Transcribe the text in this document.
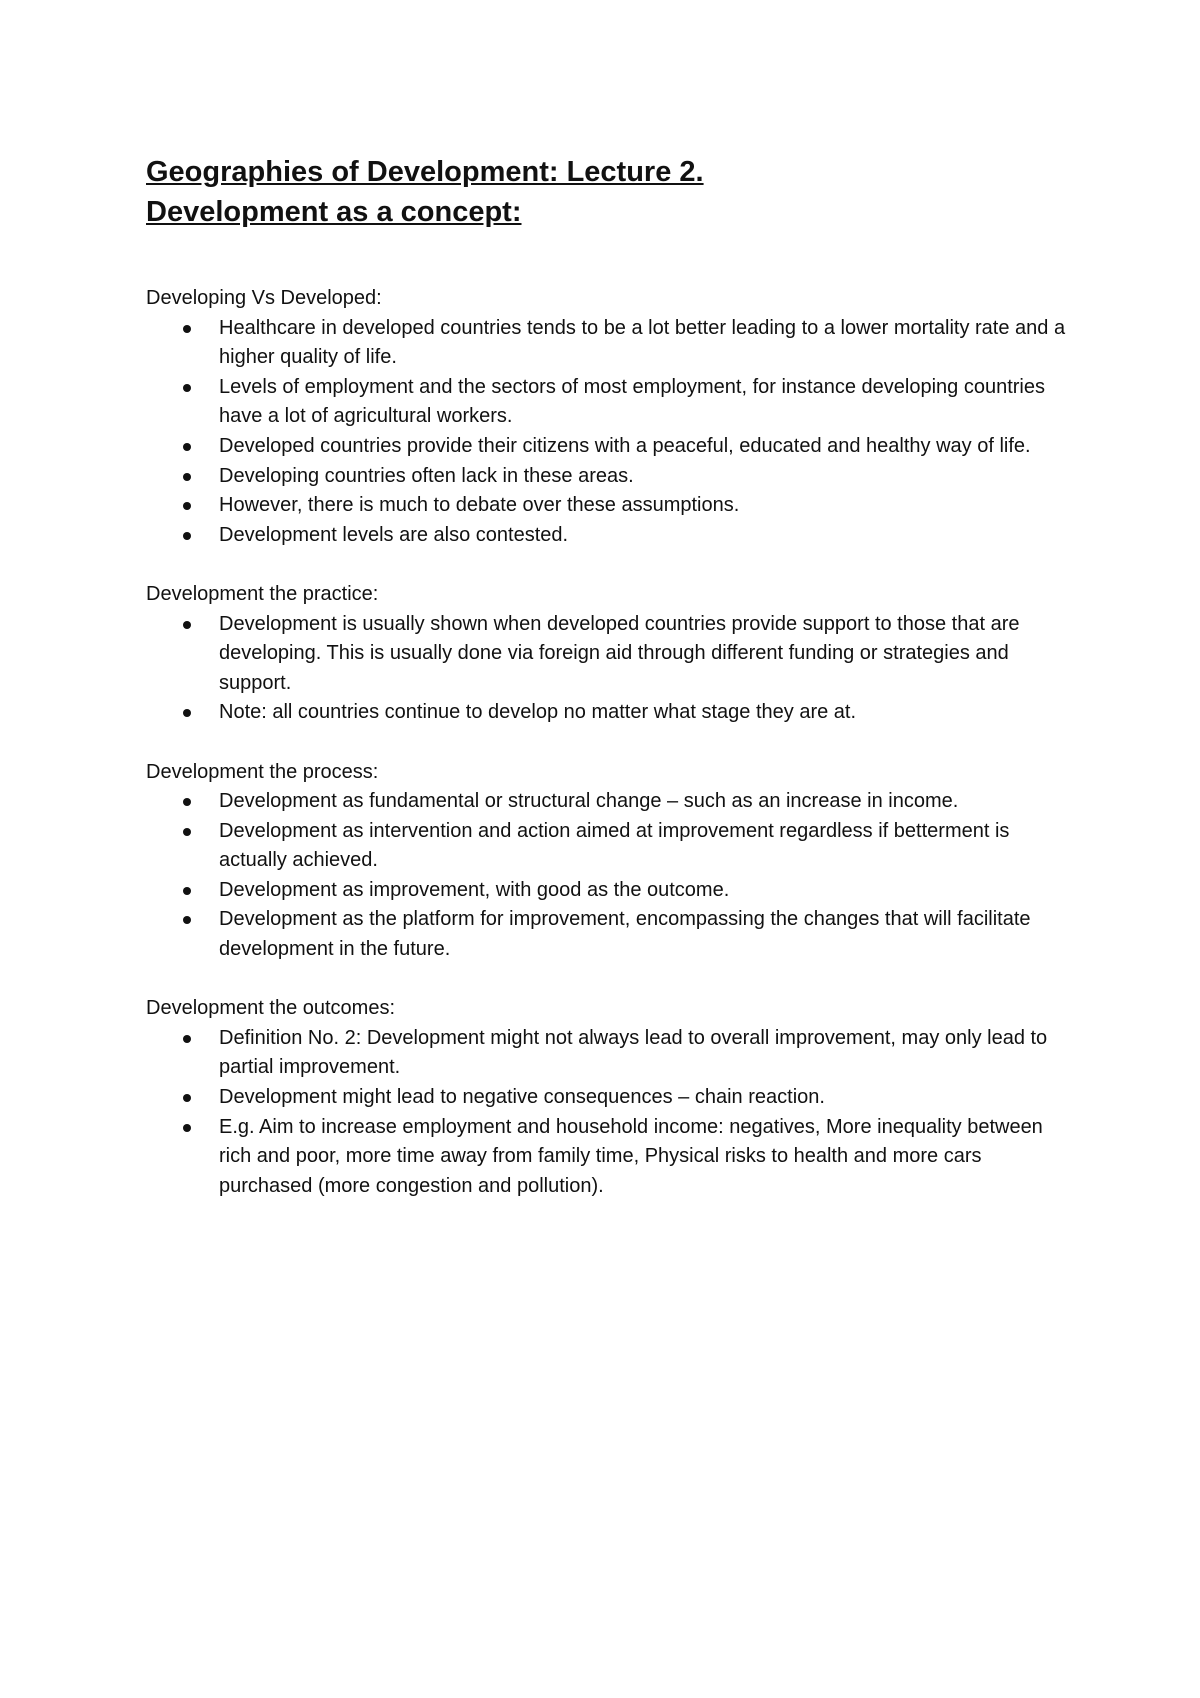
Geographies of Development: Lecture 2.
Development as a concept:

Developing Vs Developed:

Healthcare in developed countries tends to be a lot better leading to a lower mortality rate and a higher quality of life.
Levels of employment and the sectors of most employment, for instance developing countries have a lot of agricultural workers.
Developed countries provide their citizens with a peaceful, educated and healthy way of life.
Developing countries often lack in these areas.
However, there is much to debate over these assumptions.
Development levels are also contested.

Development the practice:

Development is usually shown when developed countries provide support to those that are developing. This is usually done via foreign aid through different funding or strategies and support.
Note: all countries continue to develop no matter what stage they are at.

Development the process:

Development as fundamental or structural change – such as an increase in income.
Development as intervention and action aimed at improvement regardless if betterment is actually achieved.
Development as improvement, with good as the outcome.
Development as the platform for improvement, encompassing the changes that will facilitate development in the future.

Development the outcomes:

Definition No. 2: Development might not always lead to overall improvement, may only lead to partial improvement.
Development might lead to negative consequences – chain reaction.
E.g. Aim to increase employment and household income: negatives, More inequality between rich and poor, more time away from family time, Physical risks to health and more cars purchased (more congestion and pollution).
